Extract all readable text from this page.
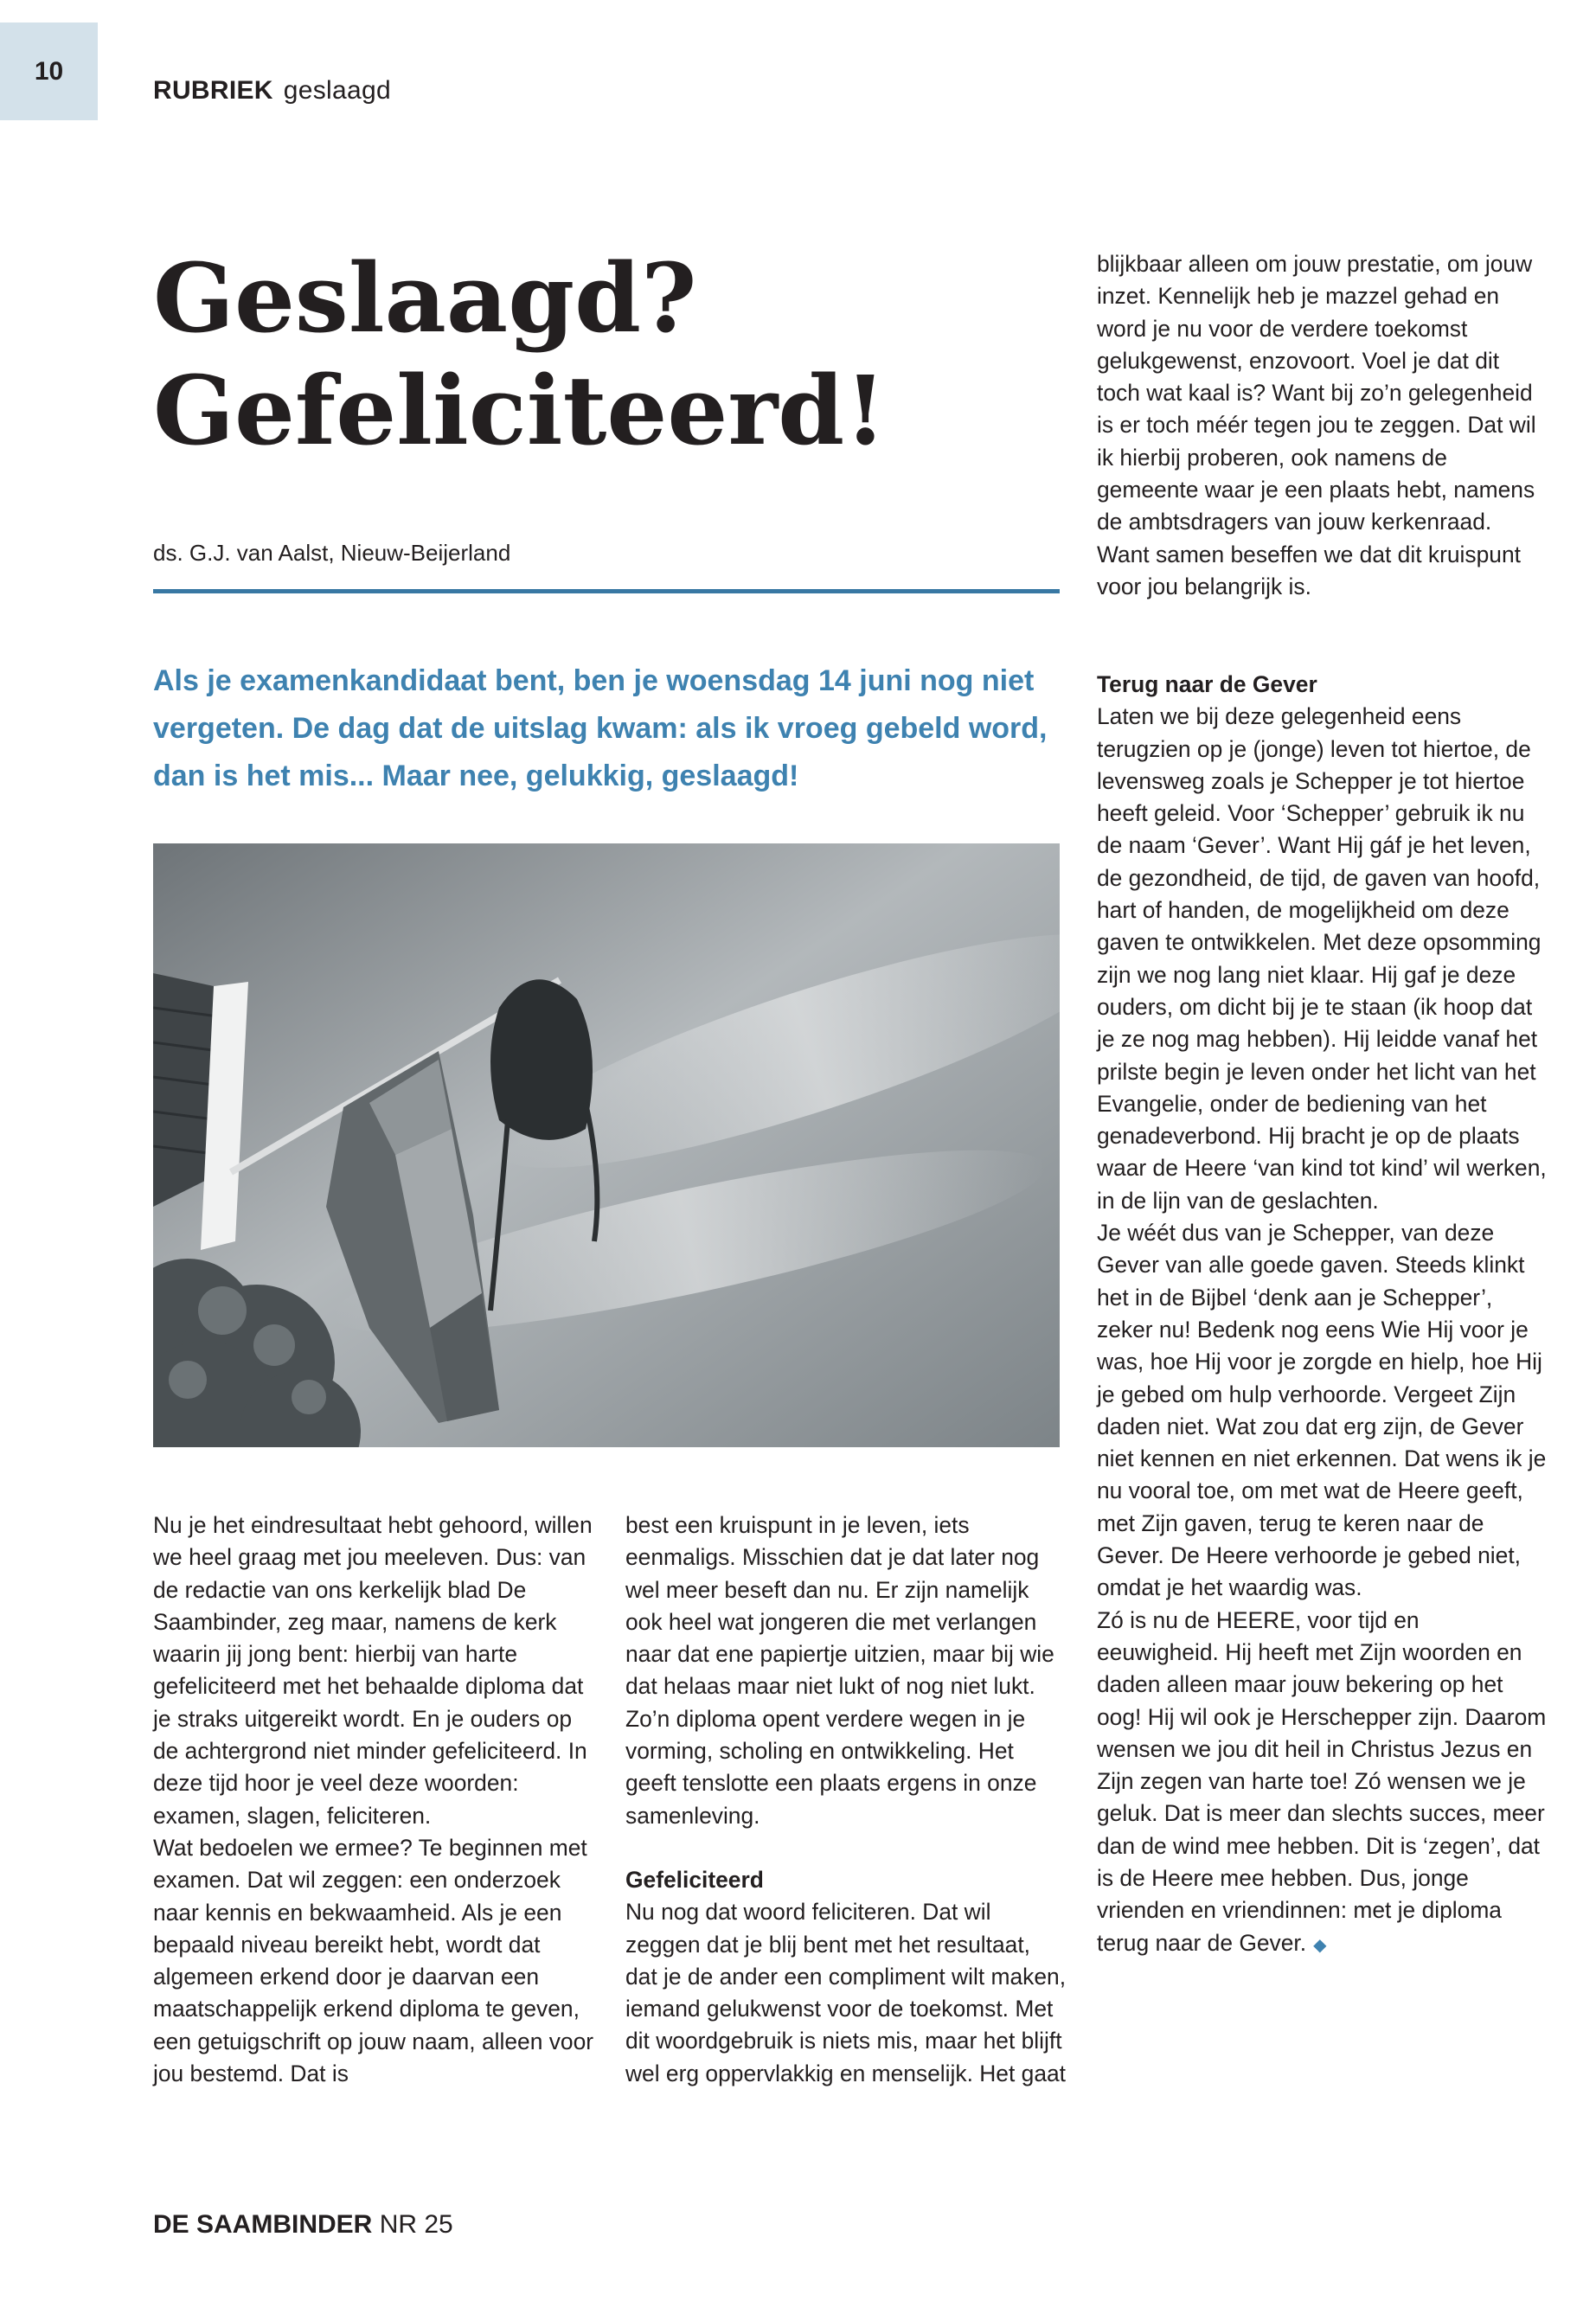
10
RUBRIEK geslaagd
Geslaagd?
Gefeliciteerd!
ds. G.J. van Aalst, Nieuw-Beijerland

Als je examenkandidaat bent, ben je woensdag 14 juni nog niet vergeten. De dag dat de uitslag kwam: als ik vroeg gebeld word, dan is het mis... Maar nee, gelukkig, geslaagd!

Nu je het eindresultaat hebt gehoord, willen we heel graag met jou meeleven. Dus: van de redactie van ons kerkelijk blad De Saambinder, zeg maar, namens de kerk waarin jij jong bent: hierbij van harte gefeliciteerd met het behaalde diploma dat je straks uitgereikt wordt. En je ouders op de achtergrond niet minder gefeliciteerd. In deze tijd hoor je veel deze woorden: examen, slagen, feliciteren.

Wat bedoelen we ermee? Te beginnen met examen. Dat wil zeggen: een onderzoek naar kennis en bekwaamheid. Als je een bepaald niveau bereikt hebt, wordt dat algemeen erkend door je daarvan een maatschappelijk erkend diploma te geven, een getuigschrift op jouw naam, alleen voor jou bestemd. Dat is

best een kruispunt in je leven, iets eenmaligs. Misschien dat je dat later nog wel meer beseft dan nu. Er zijn namelijk ook heel wat jongeren die met verlangen naar dat ene papiertje uitzien, maar bij wie dat helaas maar niet lukt of nog niet lukt. Zo’n diploma opent verdere wegen in je vorming, scholing en ontwikkeling. Het geeft tenslotte een plaats ergens in onze samenleving.

Gefeliciteerd

Nu nog dat woord feliciteren. Dat wil zeggen dat je blij bent met het resultaat, dat je de ander een compliment wilt maken, iemand gelukwenst voor de toekomst. Met dit woordgebruik is niets mis, maar het blijft wel erg oppervlakkig en menselijk. Het gaat

blijkbaar alleen om jouw prestatie, om jouw inzet. Kennelijk heb je mazzel gehad en word je nu voor de verdere toekomst gelukgewenst, enzovoort. Voel je dat dit toch wat kaal is? Want bij zo’n gelegenheid is er toch méér tegen jou te zeggen. Dat wil ik hierbij proberen, ook namens de gemeente waar je een plaats hebt, namens de ambtsdragers van jouw kerkenraad. Want samen beseffen we dat dit kruispunt voor jou belangrijk is.

Terug naar de Gever

Laten we bij deze gelegenheid eens terugzien op je (jonge) leven tot hiertoe, de levensweg zoals je Schepper je tot hiertoe heeft geleid. Voor ‘Schepper’ gebruik ik nu de naam ‘Gever’. Want Hij gáf je het leven, de gezondheid, de tijd, de gaven van hoofd, hart of handen, de mogelijkheid om deze gaven te ontwikkelen. Met deze opsomming zijn we nog lang niet klaar. Hij gaf je deze ouders, om dicht bij je te staan (ik hoop dat je ze nog mag hebben). Hij leidde vanaf het prilste begin je leven onder het licht van het Evangelie, onder de bediening van het genadeverbond. Hij bracht je op de plaats waar de Heere ‘van kind tot kind’ wil werken, in de lijn van de geslachten.

Je wéét dus van je Schepper, van deze Gever van alle goede gaven. Steeds klinkt het in de Bijbel ‘denk aan je Schepper’, zeker nu! Bedenk nog eens Wie Hij voor je was, hoe Hij voor je zorgde en hielp, hoe Hij je gebed om hulp verhoorde. Vergeet Zijn daden niet. Wat zou dat erg zijn, de Gever niet kennen en niet erkennen. Dat wens ik je nu vooral toe, om met wat de Heere geeft, met Zijn gaven, terug te keren naar de Gever. De Heere verhoorde je gebed niet, omdat je het waardig was.

Zó is nu de HEERE, voor tijd en eeuwigheid. Hij heeft met Zijn woorden en daden alleen maar jouw bekering op het oog! Hij wil ook je Herschepper zijn. Daarom wensen we jou dit heil in Christus Jezus en Zijn zegen van harte toe! Zó wensen we je geluk. Dat is meer dan slechts succes, meer dan de wind mee hebben. Dit is ‘zegen’, dat is de Heere mee hebben. Dus, jonge vrienden en vriendinnen: met je diploma terug naar de Gever. ◆

DE SAAMBINDER NR 25
